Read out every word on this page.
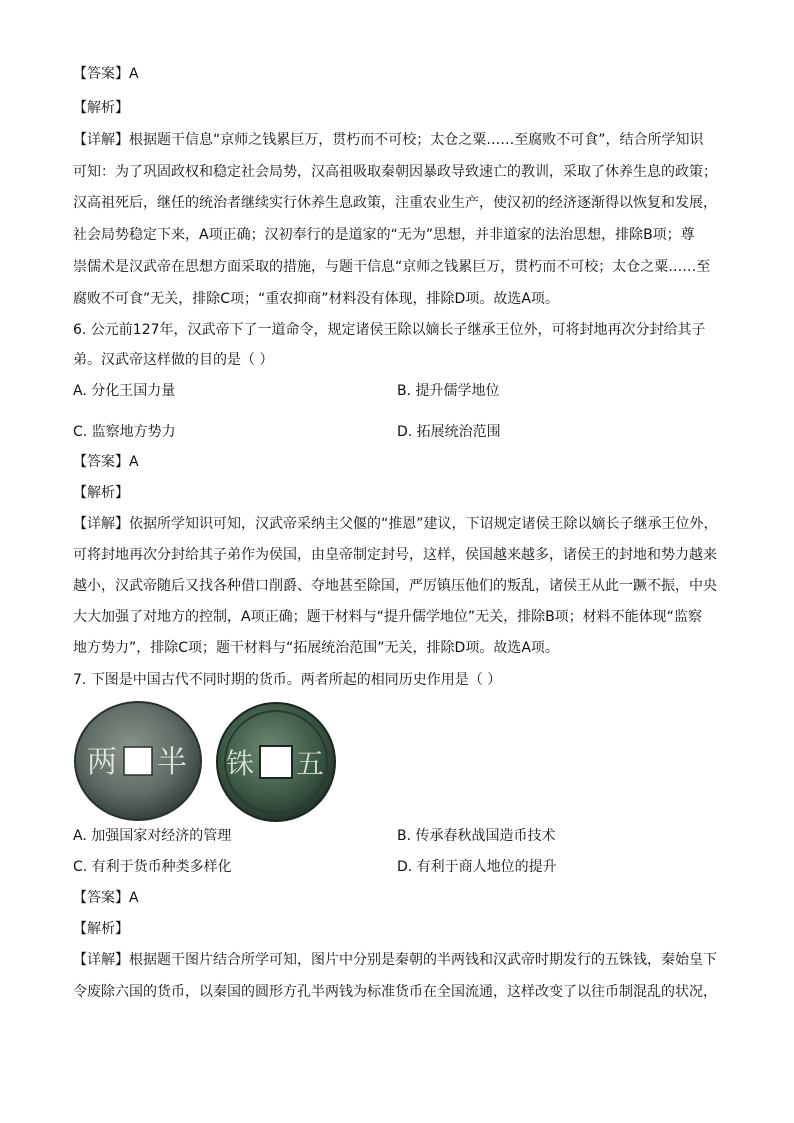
【答案】A
【解析】
【详解】根据题干信息“京师之钱累巨万，贯朽而不可校；太仓之粟……至腐败不可食”，结合所学知识
可知：为了巩固政权和稳定社会局势，汉高祖吸取秦朝因暴政导致速亡的教训，采取了休养生息的政策；
汉高祖死后，继任的统治者继续实行休养生息政策，注重农业生产，使汉初的经济逐渐得以恢复和发展，
社会局势稳定下来，A项正确；汉初奉行的是道家的“无为”思想，并非道家的法治思想，排除B项；尊
崇儒术是汉武帝在思想方面采取的措施，与题干信息“京师之钱累巨万，贯朽而不可校；太仓之粟……至
腐败不可食”无关，排除C项；“重农抑商”材料没有体现，排除D项。故选A项。
6. 公元前127年，汉武帝下了一道命令，规定诸侯王除以嫡长子继承王位外，可将封地再次分封给其子
弟。汉武帝这样做的目的是（ ）
A. 分化王国力量	B. 提升儒学地位
C. 监察地方势力	D. 拓展统治范围
【答案】A
【解析】
【详解】依据所学知识可知，汉武帝采纳主父偃的“推恩”建议，下诏规定诸侯王除以嫡长子继承王位外，
可将封地再次分封给其子弟作为侯国，由皇帝制定封号，这样，侯国越来越多，诸侯王的封地和势力越来
越小，汉武帝随后又找各种借口削爵、夺地甚至除国，严厉镇压他们的叛乱，诸侯王从此一蹶不振，中央
大大加强了对地方的控制，A项正确；题干材料与“提升儒学地位”无关，排除B项；材料不能体现“监察
地方势力”，排除C项；题干材料与“拓展统治范围”无关，排除D项。故选A项。
7. 下图是中国古代不同时期的货币。两者所起的相同历史作用是（ ）
两 半 铢 五
A. 加强国家对经济的管理	B. 传承春秋战国造币技术
C. 有利于货币种类多样化	D. 有利于商人地位的提升
【答案】A
【解析】
【详解】根据题干图片结合所学可知，图片中分别是秦朝的半两钱和汉武帝时期发行的五铢钱，秦始皇下
令废除六国的货币，以秦国的圆形方孔半两钱为标准货币在全国流通，这样改变了以往币制混乱的状况，
